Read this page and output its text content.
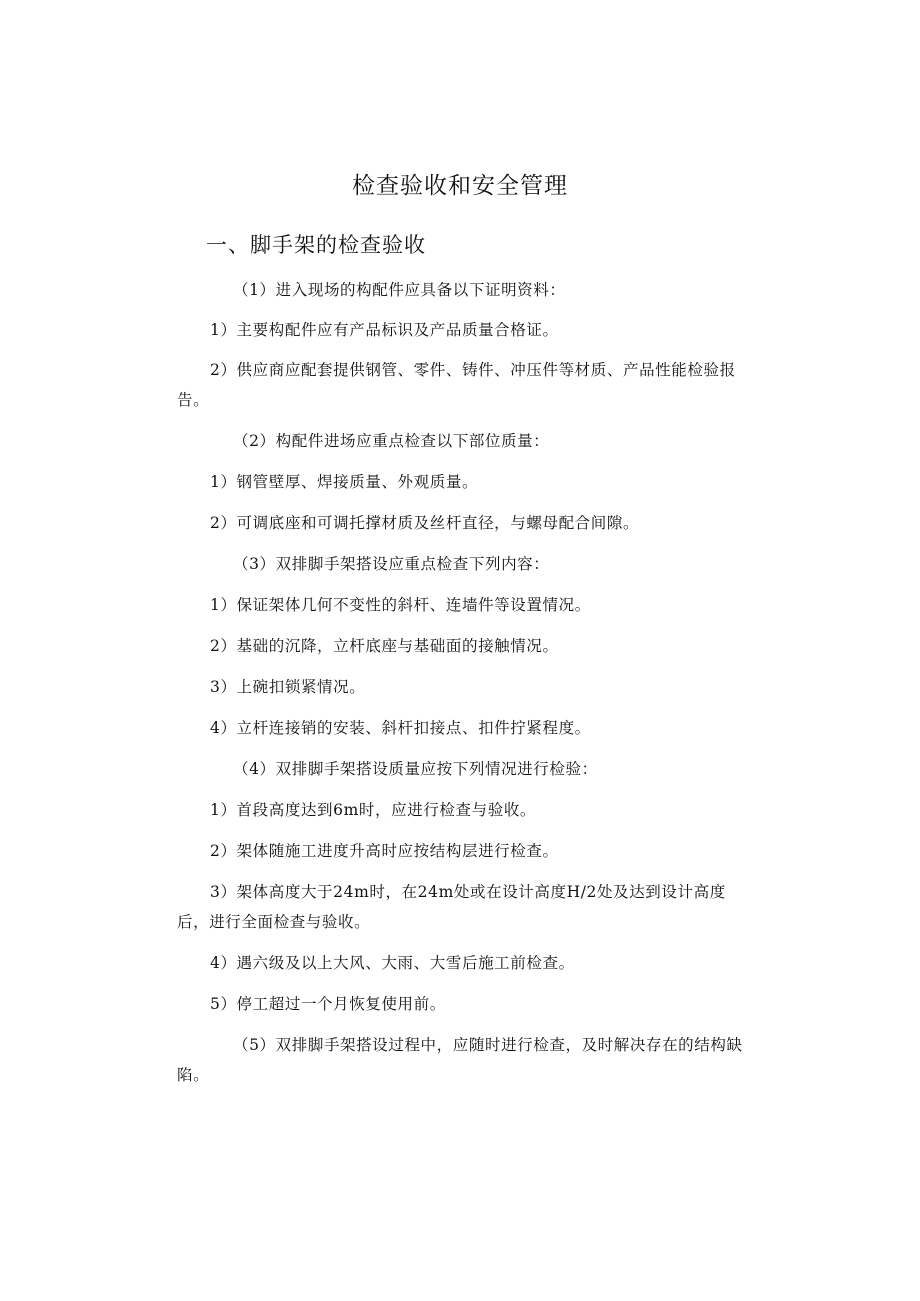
检查验收和安全管理
一、脚手架的检查验收

（1）进入现场的构配件应具备以下证明资料：

1）主要构配件应有产品标识及产品质量合格证。

2）供应商应配套提供钢管、零件、铸件、冲压件等材质、产品性能检验报告。

（2）构配件进场应重点检查以下部位质量：

1）钢管壁厚、焊接质量、外观质量。

2）可调底座和可调托撑材质及丝杆直径，与螺母配合间隙。

（3）双排脚手架搭设应重点检查下列内容：

1）保证架体几何不变性的斜杆、连墙件等设置情况。

2）基础的沉降，立杆底座与基础面的接触情况。

3）上碗扣锁紧情况。

4）立杆连接销的安装、斜杆扣接点、扣件拧紧程度。

（4）双排脚手架搭设质量应按下列情况进行检验：

1）首段高度达到6m时，应进行检查与验收。

2）架体随施工进度升高时应按结构层进行检查。

3）架体高度大于24m时，在24m处或在设计高度H/2处及达到设计高度后，进行全面检查与验收。

4）遇六级及以上大风、大雨、大雪后施工前检查。

5）停工超过一个月恢复使用前。

（5）双排脚手架搭设过程中，应随时进行检查，及时解决存在的结构缺陷。
